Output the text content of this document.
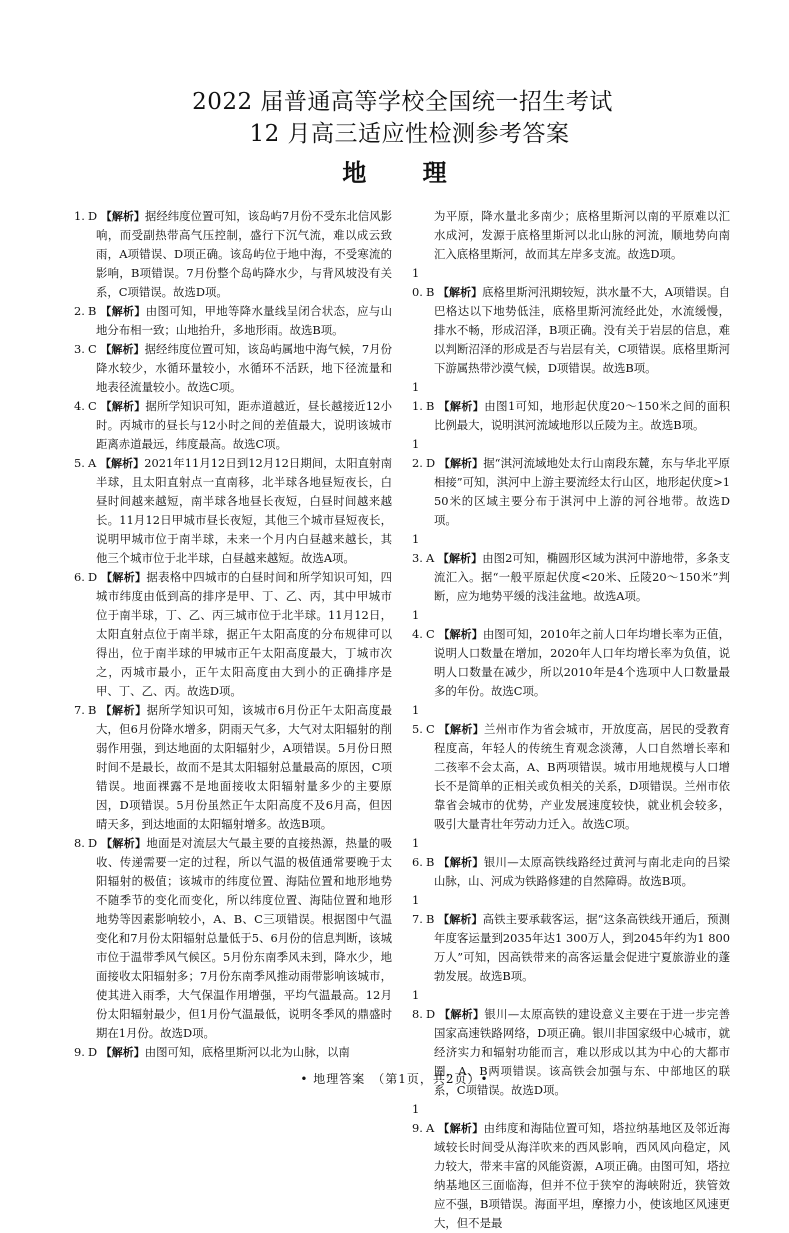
2022 届普通高等学校全国统一招生考试
12 月高三适应性检测参考答案
地 理

1. D 【解析】据经纬度位置可知，该岛屿7月份不受东北信风影响，而受副热带高气压控制，盛行下沉气流，难以成云致雨，A项错误、D项正确。该岛屿位于地中海，不受寒流的影响，B项错误。7月份整个岛屿降水少，与背风坡没有关系，C项错误。故选D项。

2. B 【解析】由图可知，甲地等降水量线呈闭合状态，应与山地分布相一致；山地抬升，多地形雨。故选B项。

3. C 【解析】据经纬度位置可知，该岛屿属地中海气候，7月份降水较少，水循环量较小，水循环不活跃，地下径流量和地表径流量较小。故选C项。

4. C 【解析】据所学知识可知，距赤道越近，昼长越接近12小时。丙城市的昼长与12小时之间的差值最大，说明该城市距离赤道最远，纬度最高。故选C项。

5. A 【解析】2021年11月12日到12月12日期间，太阳直射南半球，且太阳直射点一直南移，北半球各地昼短夜长，白昼时间越来越短，南半球各地昼长夜短，白昼时间越来越长。11月12日甲城市昼长夜短，其他三个城市昼短夜长，说明甲城市位于南半球，未来一个月内白昼越来越长，其他三个城市位于北半球，白昼越来越短。故选A项。

6. D 【解析】据表格中四城市的白昼时间和所学知识可知，四城市纬度由低到高的排序是甲、丁、乙、丙，其中甲城市位于南半球，丁、乙、丙三城市位于北半球。11月12日，太阳直射点位于南半球，据正午太阳高度的分布规律可以得出，位于南半球的甲城市正午太阳高度最大，丁城市次之，丙城市最小，正午太阳高度由大到小的正确排序是甲、丁、乙、丙。故选D项。

7. B 【解析】据所学知识可知，该城市6月份正午太阳高度最大，但6月份降水增多，阴雨天气多，大气对太阳辐射的削弱作用强，到达地面的太阳辐射少，A项错误。5月份日照时间不是最长，故而不是其太阳辐射总量最高的原因，C项错误。地面裸露不是地面接收太阳辐射量多少的主要原因，D项错误。5月份虽然正午太阳高度不及6月高，但因晴天多，到达地面的太阳辐射增多。故选B项。

8. D 【解析】地面是对流层大气最主要的直接热源，热量的吸收、传递需要一定的过程，所以气温的极值通常要晚于太阳辐射的极值；该城市的纬度位置、海陆位置和地形地势不随季节的变化而变化，所以纬度位置、海陆位置和地形地势等因素影响较小，A、B、C三项错误。根据图中气温变化和7月份太阳辐射总量低于5、6月份的信息判断，该城市位于温带季风气候区。5月份东南季风未到，降水少，地面接收太阳辐射多；7月份东南季风推动雨带影响该城市，使其进入雨季，大气保温作用增强，平均气温最高。12月份太阳辐射最少，但1月份气温最低，说明冬季风的鼎盛时期在1月份。故选D项。

9. D 【解析】由图可知，底格里斯河以北为山脉，以南

为平原，降水量北多南少；底格里斯河以南的平原难以汇水成河，发源于底格里斯河以北山脉的河流，顺地势向南汇入底格里斯河，故而其左岸多支流。故选D项。

10. B 【解析】底格里斯河汛期较短，洪水量不大，A项错误。自巴格达以下地势低洼，底格里斯河流经此处，水流缓慢，排水不畅，形成沼泽，B项正确。没有关于岩层的信息，难以判断沼泽的形成是否与岩层有关，C项错误。底格里斯河下游属热带沙漠气候，D项错误。故选B项。

11. B 【解析】由图1可知，地形起伏度20～150米之间的面积比例最大，说明淇河流域地形以丘陵为主。故选B项。

12. D 【解析】据“淇河流域地处太行山南段东麓，东与华北平原相接”可知，淇河中上游主要流经太行山区，地形起伏度>150米的区域主要分布于淇河中上游的河谷地带。故选D项。

13. A 【解析】由图2可知，椭圆形区域为淇河中游地带，多条支流汇入。据“一般平原起伏度<20米、丘陵20～150米”判断，应为地势平缓的浅洼盆地。故选A项。

14. C 【解析】由图可知，2010年之前人口年均增长率为正值，说明人口数量在增加，2020年人口年均增长率为负值，说明人口数量在减少，所以2010年是4个选项中人口数量最多的年份。故选C项。

15. C 【解析】兰州市作为省会城市，开放度高，居民的受教育程度高，年轻人的传统生育观念淡薄，人口自然增长率和二孩率不会太高，A、B两项错误。城市用地规模与人口增长不是简单的正相关或负相关的关系，D项错误。兰州市依靠省会城市的优势，产业发展速度较快，就业机会较多，吸引大量青壮年劳动力迁入。故选C项。

16. B 【解析】银川—太原高铁线路经过黄河与南北走向的吕梁山脉，山、河成为铁路修建的自然障碍。故选B项。

17. B 【解析】高铁主要承载客运，据“这条高铁线开通后，预测年度客运量到2035年达1 300万人，到2045年约为1 800万人”可知，因高铁带来的高客运量会促进宁夏旅游业的蓬勃发展。故选B项。

18. D 【解析】银川—太原高铁的建设意义主要在于进一步完善国家高速铁路网络，D项正确。银川非国家级中心城市，就经济实力和辐射功能而言，难以形成以其为中心的大都市圈，A、B两项错误。该高铁会加强与东、中部地区的联系，C项错误。故选D项。

19. A 【解析】由纬度和海陆位置可知，塔拉纳基地区及邻近海域较长时间受从海洋吹来的西风影响，西风风向稳定，风力较大，带来丰富的风能资源，A项正确。由图可知，塔拉纳基地区三面临海，但并不位于狭窄的海峡附近，狭管效应不强，B项错误。海面平坦，摩擦力小，使该地区风速更大，但不是最

• 地理答案　（第1页，共2页）•
